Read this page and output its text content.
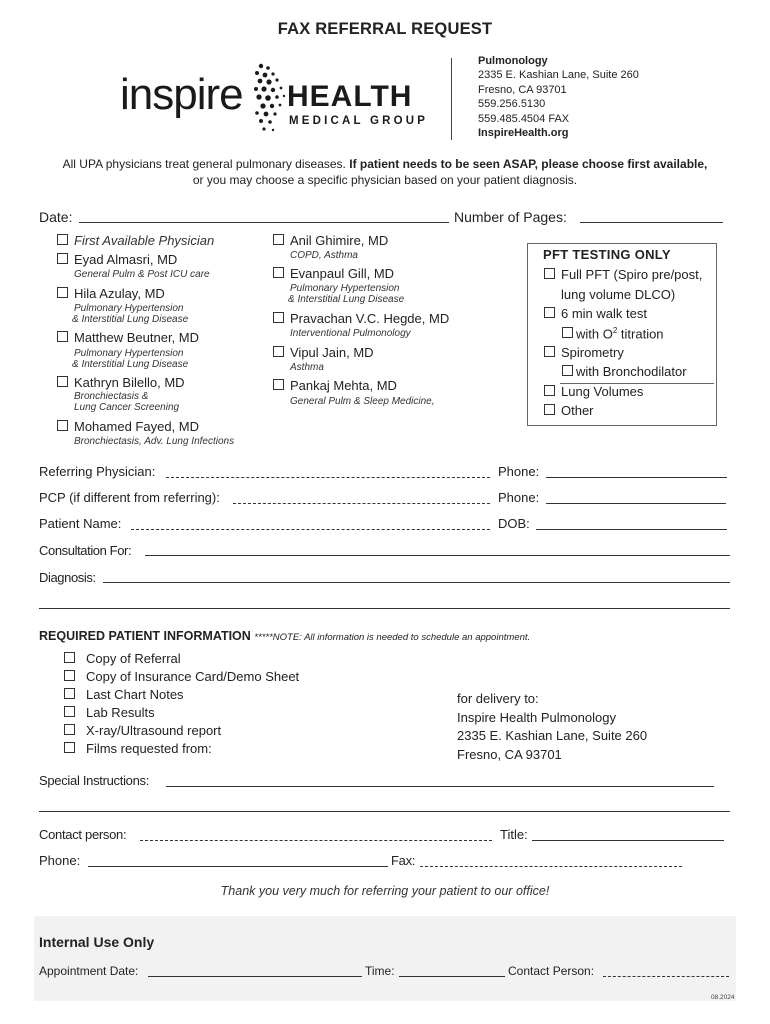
FAX REFERRAL REQUEST
inspire HEALTH
MEDICAL GROUP
Pulmonology
2335 E. Kashian Lane, Suite 260
Fresno, CA 93701
559.256.5130
559.485.4504 FAX
InspireHealth.org
All UPA physicians treat general pulmonary diseases. If patient needs to be seen ASAP, please choose first available,
or you may choose a specific physician based on your patient diagnosis.
Date:	Number of Pages:
First Available Physician
Eyad Almasri, MD
General Pulm & Post ICU care
Hila Azulay, MD
Pulmonary Hypertension
& Interstitial Lung Disease
Matthew Beutner, MD
Pulmonary Hypertension
& Interstitial Lung Disease
Kathryn Bilello, MD
Bronchiectasis &
Lung Cancer Screening
Mohamed Fayed, MD
Bronchiectasis, Adv. Lung Infections
Anil Ghimire, MD
COPD, Asthma
Evanpaul Gill, MD
Pulmonary Hypertension
& Interstitial Lung Disease
Pravachan V.C. Hegde, MD
Interventional Pulmonology
Vipul Jain, MD
Asthma
Pankaj Mehta, MD
General Pulm & Sleep Medicine,
PFT TESTING ONLY
Full PFT (Spiro pre/post,
lung volume DLCO)
6 min walk test
with $O^2$ titration
Spirometry
with Bronchodilator
Lung Volumes
Other
Referring Physician:	Phone:
PCP (if different from referring):	Phone:
Patient Name:	DOB:
Consultation For:
Diagnosis:
REQUIRED PATIENT INFORMATION *****NOTE: All information is needed to schedule an appointment.
Copy of Referral
Copy of Insurance Card/Demo Sheet
Last Chart Notes
Lab Results
X-ray/Ultrasound report
Films requested from:
for delivery to:
Inspire Health Pulmonology
2335 E. Kashian Lane, Suite 260
Fresno, CA 93701
Special Instructions:
Contact person:	Title:
Phone:	Fax:
Thank you very much for referring your patient to our office!
Internal Use Only
Appointment Date:	Time:	Contact Person:
08.2024
